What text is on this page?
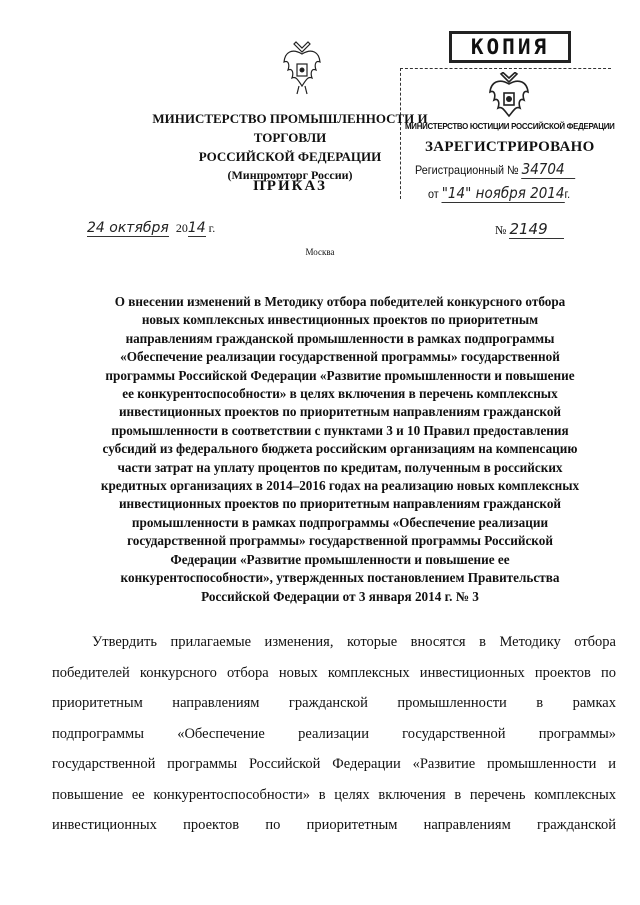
КОПИЯ
МИНИСТЕРСТВО ЮСТИЦИИ РОССИЙСКОЙ ФЕДЕРАЦИИ
ЗАРЕГИСТРИРОВАНО
Регистрационный № 34704
от "14" ноября 2014г.
МИНИСТЕРСТВО ПРОМЫШЛЕННОСТИ И ТОРГОВЛИ
РОССИЙСКОЙ ФЕДЕРАЦИИ
(Минпромторг России)
ПРИКАЗ
24 октября 2014 г.	№ 2149
Москва
О внесении изменений в Методику отбора победителей конкурсного отбора
новых комплексных инвестиционных проектов по приоритетным
направлениям гражданской промышленности в рамках подпрограммы
«Обеспечение реализации государственной программы» государственной
программы Российской Федерации «Развитие промышленности и повышение
ее конкурентоспособности» в целях включения в перечень комплексных
инвестиционных проектов по приоритетным направлениям гражданской
промышленности в соответствии с пунктами 3 и 10 Правил предоставления
субсидий из федерального бюджета российским организациям на компенсацию
части затрат на уплату процентов по кредитам, полученным в российских
кредитных организациях в 2014–2016 годах на реализацию новых комплексных
инвестиционных проектов по приоритетным направлениям гражданской
промышленности в рамках подпрограммы «Обеспечение реализации
государственной программы» государственной программы Российской
Федерации «Развитие промышленности и повышение ее
конкурентоспособности», утвержденных постановлением Правительства
Российской Федерации от 3 января 2014 г. № 3
Утвердить прилагаемые изменения, которые вносятся в Методику отбора
победителей конкурсного отбора новых комплексных инвестиционных проектов по
приоритетным направлениям гражданской промышленности в рамках
подпрограммы «Обеспечение реализации государственной программы»
государственной программы Российской Федерации «Развитие промышленности и
повышение ее конкурентоспособности» в целях включения в перечень комплексных
инвестиционных проектов по приоритетным направлениям гражданской
